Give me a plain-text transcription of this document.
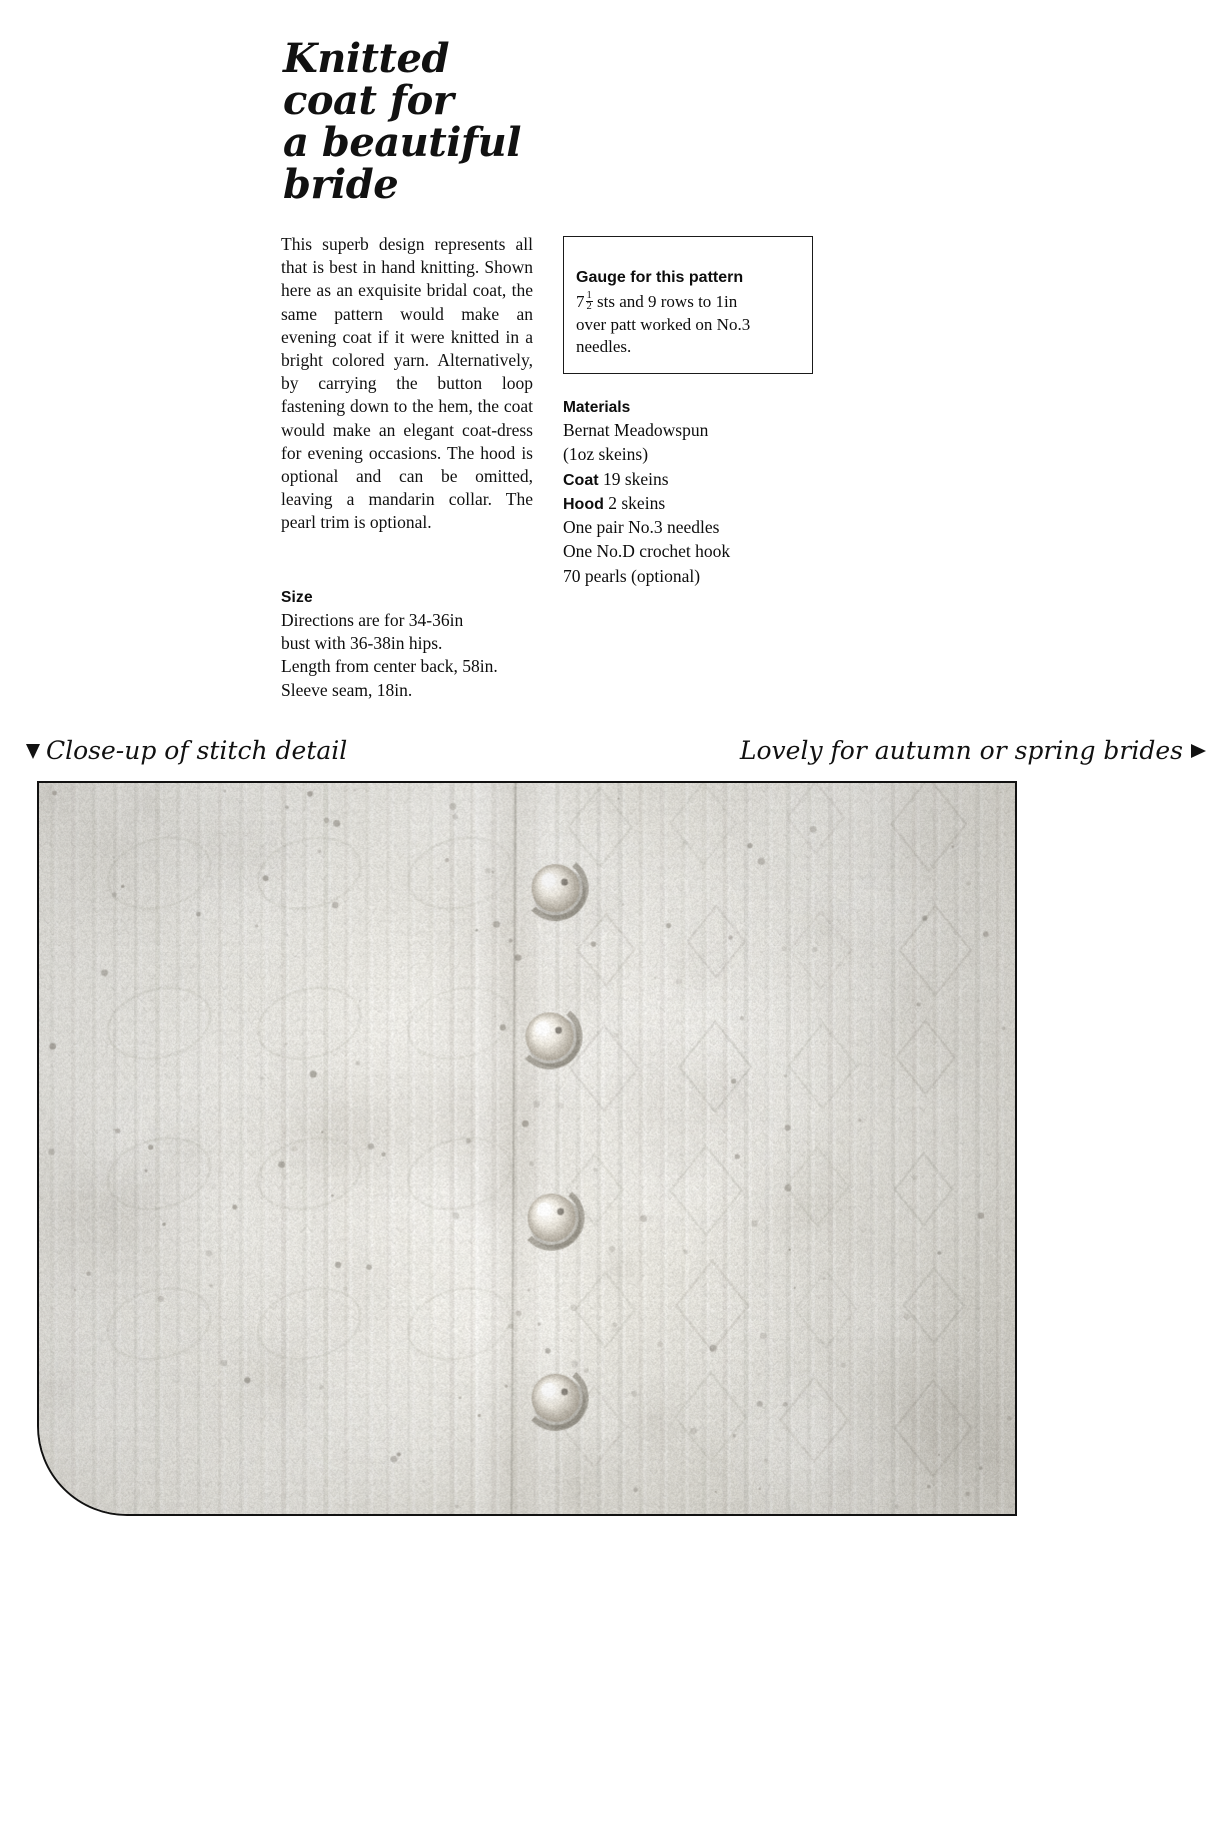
Knitted
coat for
a beautiful
bride
This superb design represents all that is best in hand knitting. Shown here as an exquisite bridal coat, the same pattern would make an evening coat if it were knitted in a bright colored yarn. Alternatively, by carrying the button loop fastening down to the hem, the coat would make an elegant coat-dress for evening occasions. The hood is optional and can be omitted, leaving a mandarin collar. The pearl trim is optional.
Size
Directions are for 34-36in
bust with 36-38in hips.
Length from center back, 58in.
Sleeve seam, 18in.
Gauge for this pattern
$7 \frac{1}{2}$ sts and 9 rows to 1in
over patt worked on No.3
needles.
Materials
Bernat Meadowspun
(1oz skeins)
Coat 19 skeins
Hood 2 skeins
One pair No.3 needles
One No.D crochet hook
70 pearls (optional)
Close-up of stitch detail	Lovely for autumn or spring brides
